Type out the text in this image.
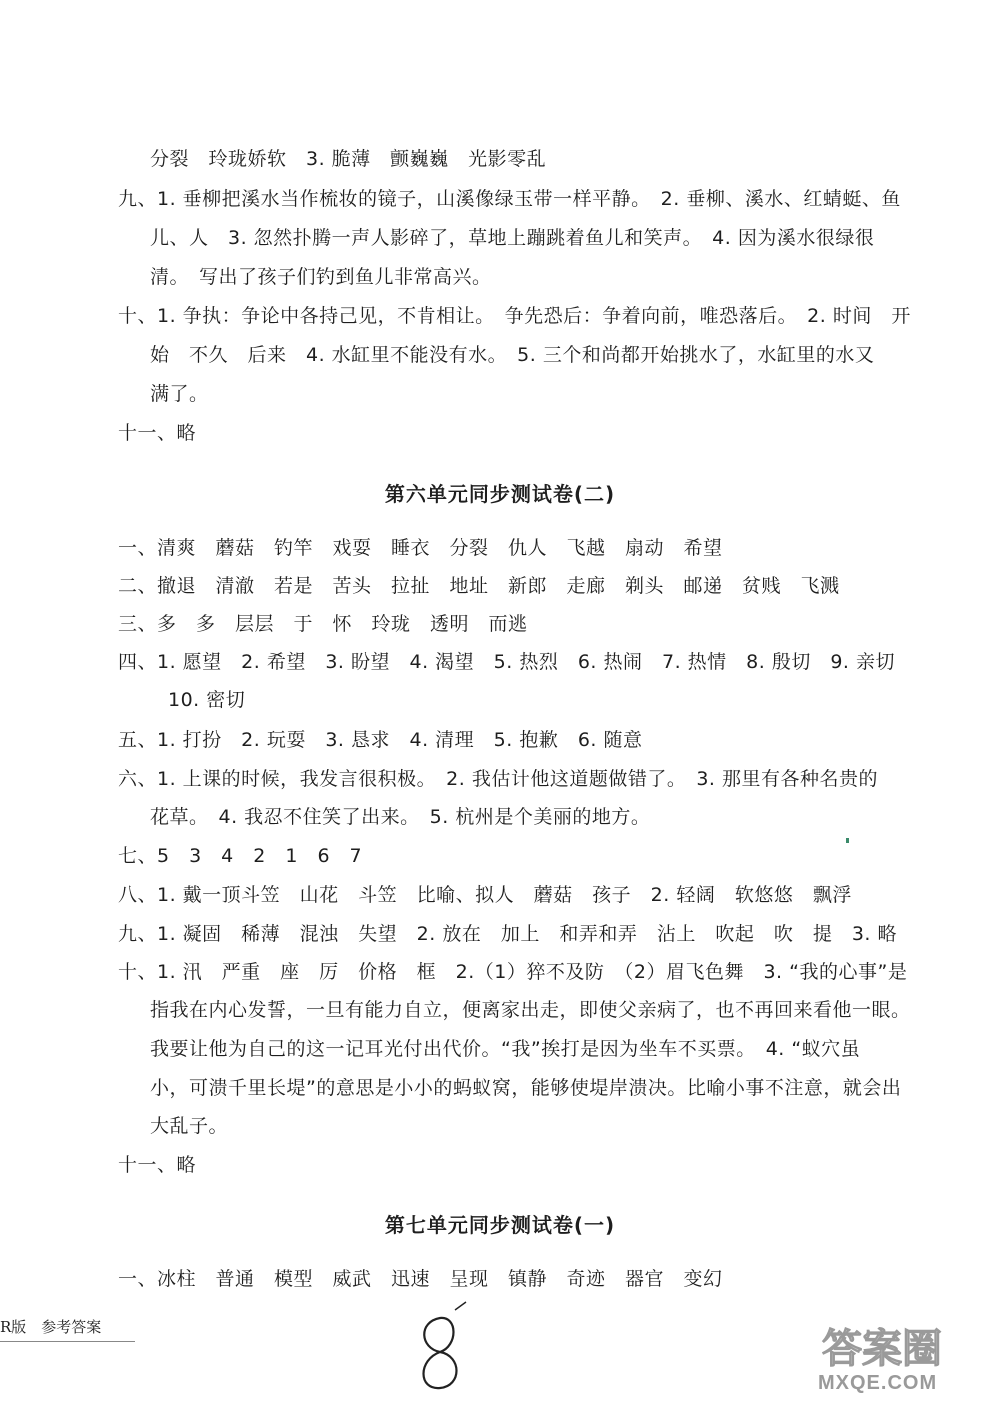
分裂　玲珑娇软　3. 脆薄　颤巍巍　光影零乱
九、1. 垂柳把溪水当作梳妆的镜子，山溪像绿玉带一样平静。　2. 垂柳、溪水、红蜻蜓、鱼
儿、人　3. 忽然扑腾一声人影碎了，草地上蹦跳着鱼儿和笑声。　4. 因为溪水很绿很
清。　写出了孩子们钓到鱼儿非常高兴。
十、1. 争执：争论中各持己见，不肯相让。　争先恐后：争着向前，唯恐落后。　2. 时间　开
始　不久　后来　4. 水缸里不能没有水。　5. 三个和尚都开始挑水了，水缸里的水又
满了。
十一、略
第六单元同步测试卷(二)
一、清爽　蘑菇　钓竿　戏耍　睡衣　分裂　仇人　飞越　扇动　希望
二、撤退　清澈　若是　苦头　拉扯　地址　新郎　走廊　剃头　邮递　贫贱　飞溅
三、多　多　层层　于　怀　玲珑　透明　而逃
四、1. 愿望　2. 希望　3. 盼望　4. 渴望　5. 热烈　6. 热闹　7. 热情　8. 殷切　9. 亲切
10. 密切
五、1. 打扮　2. 玩耍　3. 恳求　4. 清理　5. 抱歉　6. 随意
六、1. 上课的时候，我发言很积极。　2. 我估计他这道题做错了。　3. 那里有各种名贵的
花草。　4. 我忍不住笑了出来。　5. 杭州是个美丽的地方。
七、5　3　4　2　1　6　7
八、1. 戴一顶斗笠　山花　斗笠　比喻、拟人　蘑菇　孩子　2. 轻阔　软悠悠　飘浮
九、1. 凝固　稀薄　混浊　失望　2. 放在　加上　和弄和弄　沾上　吹起　吹　提　3. 略
十、1. 汛　严重　座　厉　价格　框　2.（1）猝不及防　（2）眉飞色舞　3. “我的心事”是
指我在内心发誓，一旦有能力自立，便离家出走，即使父亲病了，也不再回来看他一眼。
我要让他为自己的这一记耳光付出代价。“我”挨打是因为坐车不买票。　4. “蚁穴虽
小，可溃千里长堤”的意思是小小的蚂蚁窝，能够使堤岸溃决。比喻小事不注意，就会出
大乱子。
十一、略
第七单元同步测试卷(一)
一、冰柱　普通　模型　威武　迅速　呈现　镇静　奇迹　器官　变幻
R版　参考答案	答案圈
MXQE.COM
